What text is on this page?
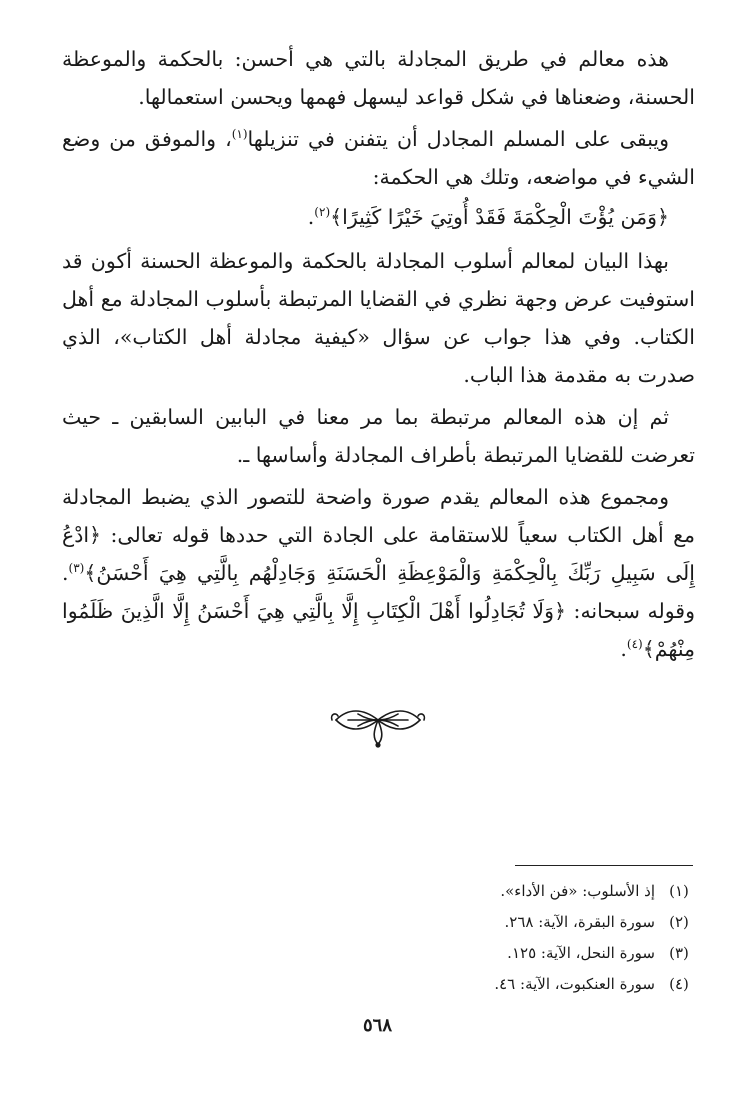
هذه معالم في طريق المجادلة بالتي هي أحسن: بالحكمة والموعظة الحسنة، وضعناها في شكل قواعد ليسهل فهمها ويحسن استعمالها.

ويبقى على المسلم المجادل أن يتفنن في تنزيلها$^{(١)}$، والموفق من وضع الشيء في مواضعه، وتلك هي الحكمة:

﴿وَمَن يُؤْتَ الْحِكْمَةَ فَقَدْ أُوتِيَ خَيْرًا كَثِيرًا﴾$^{(٢)}$.

بهذا البيان لمعالم أسلوب المجادلة بالحكمة والموعظة الحسنة أكون قد استوفيت عرض وجهة نظري في القضايا المرتبطة بأسلوب المجادلة مع أهل الكتاب. وفي هذا جواب عن سؤال «كيفية مجادلة أهل الكتاب»، الذي صدرت به مقدمة هذا الباب.

ثم إن هذه المعالم مرتبطة بما مر معنا في البابين السابقين ـ حيث تعرضت للقضايا المرتبطة بأطراف المجادلة وأساسها ـ.

ومجموع هذه المعالم يقدم صورة واضحة للتصور الذي يضبط المجادلة مع أهل الكتاب سعياً للاستقامة على الجادة التي حددها قوله تعالى: ﴿ادْعُ إِلَى سَبِيلِ رَبِّكَ بِالْحِكْمَةِ وَالْمَوْعِظَةِ الْحَسَنَةِ وَجَادِلْهُم بِالَّتِي هِيَ أَحْسَنُ﴾$^{(٣)}$. وقوله سبحانه: ﴿وَلَا تُجَادِلُوا أَهْلَ الْكِتَابِ إِلَّا بِالَّتِي هِيَ أَحْسَنُ إِلَّا الَّذِينَ ظَلَمُوا مِنْهُمْ﴾$^{(٤)}$.

(١)
إذ الأسلوب: «فن الأداء».
(٢)
سورة البقرة، الآية: ٢٦٨.
(٣)
سورة النحل، الآية: ١٢٥.
(٤)
سورة العنكبوت، الآية: ٤٦.
٥٦٨
